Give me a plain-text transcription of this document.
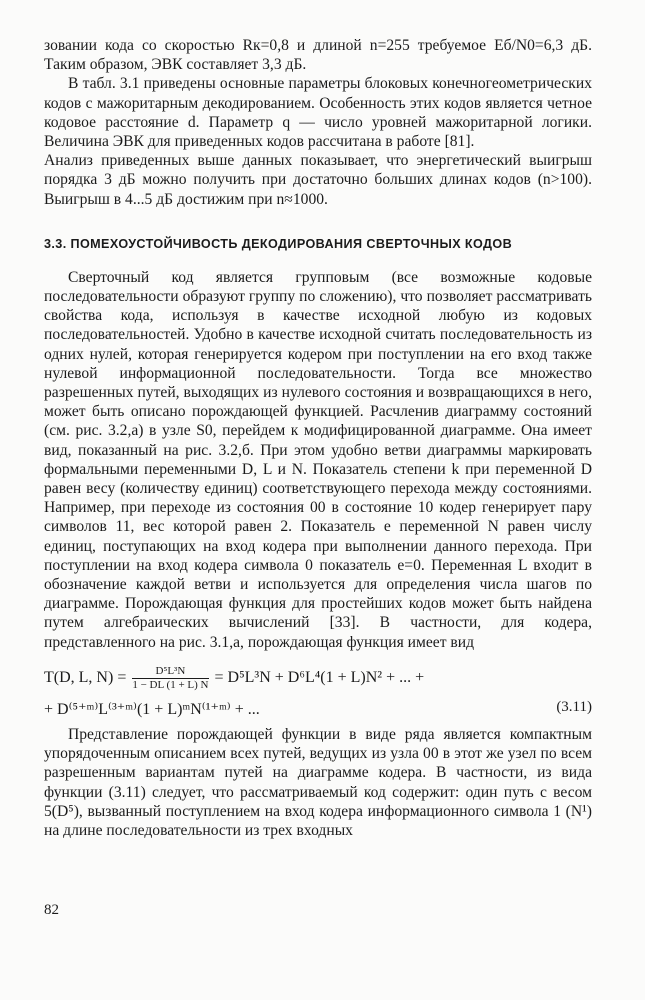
зовании кода со скоростью Rк=0,8 и длиной n=255 требуемое Eб/N0=6,3 дБ. Таким образом, ЭВК составляет 3,3 дБ.

В табл. 3.1 приведены основные параметры блоковых конечногеометрических кодов с мажоритарным декодированием. Особенность этих кодов является четное кодовое расстояние d. Параметр q — число уровней мажоритарной логики. Величина ЭВК для приведенных кодов рассчитана в работе [81].

Анализ приведенных выше данных показывает, что энергетический выигрыш порядка 3 дБ можно получить при достаточно больших длинах кодов (n>100). Выигрыш в 4...5 дБ достижим при n≈1000.

3.3. ПОМЕХОУСТОЙЧИВОСТЬ ДЕКОДИРОВАНИЯ СВЕРТОЧНЫХ КОДОВ

Сверточный код является групповым (все возможные кодовые последовательности образуют группу по сложению), что позволяет рассматривать свойства кода, используя в качестве исходной любую из кодовых последовательностей. Удобно в качестве исходной считать последовательность из одних нулей, которая генерируется кодером при поступлении на его вход также нулевой информационной последовательности. Тогда все множество разрешенных путей, выходящих из нулевого состояния и возвращающихся в него, может быть описано порождающей функцией. Расчленив диаграмму состояний (см. рис. 3.2,а) в узле S0, перейдем к модифицированной диаграмме. Она имеет вид, показанный на рис. 3.2,б. При этом удобно ветви диаграммы маркировать формальными переменными D, L и N. Показатель степени k при переменной D равен весу (количеству единиц) соответствующего перехода между состояниями. Например, при переходе из состояния 00 в состояние 10 кодер генерирует пару символов 11, вес которой равен 2. Показатель e переменной N равен числу единиц, поступающих на вход кодера при выполнении данного перехода. При поступлении на вход кодера символа 0 показатель e=0. Переменная L входит в обозначение каждой ветви и используется для определения числа шагов по диаграмме. Порождающая функция для простейших кодов может быть найдена путем алгебраических вычислений [33]. В частности, для кодера, представленного на рис. 3.1,а, порождающая функция имеет вид

T(D, L, $N) = \frac{\text{D⁵L³N}}{1 - DL (1 + L) N} = D^5L^3N + D^6L^4(1 + L)N^2$ + ... +
+ D⁽⁵⁺ᵐ⁾L⁽³⁺ᵐ⁾(1 + L)ᵐN⁽¹⁺ᵐ⁾ + ...	(3.11)

Представление порождающей функции в виде ряда является компактным упорядоченным описанием всех путей, ведущих из узла 00 в этот же узел по всем разрешенным вариантам путей на диаграмме кодера. В частности, из вида функции (3.11) следует, что рассматриваемый код содержит: один путь с весом 5(D⁵), вызванный поступлением на вход кодера информационного символа 1 (N¹) на длине последовательности из трех входных

82
